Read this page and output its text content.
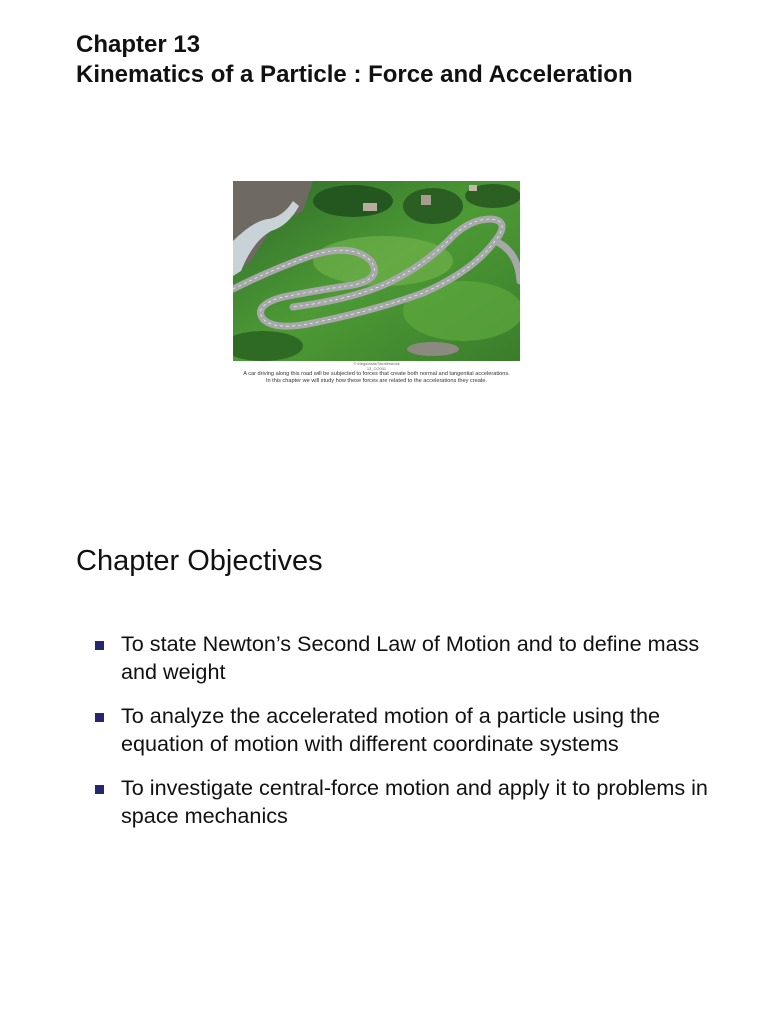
Chapter 13
Kinematics of a Particle : Force and Acceleration
© MegaVista/Shutterstock
13_CO001
A car driving along this road will be subjected to forces that create both normal and tangential accelerations. In this chapter we will study how these forces are related to the accelerations they create.
Chapter Objectives
To state Newton’s Second Law of Motion and to define mass and weight
To analyze the accelerated motion of a particle using the equation of motion with different coordinate systems
To investigate central-force motion and apply it to problems in space mechanics
